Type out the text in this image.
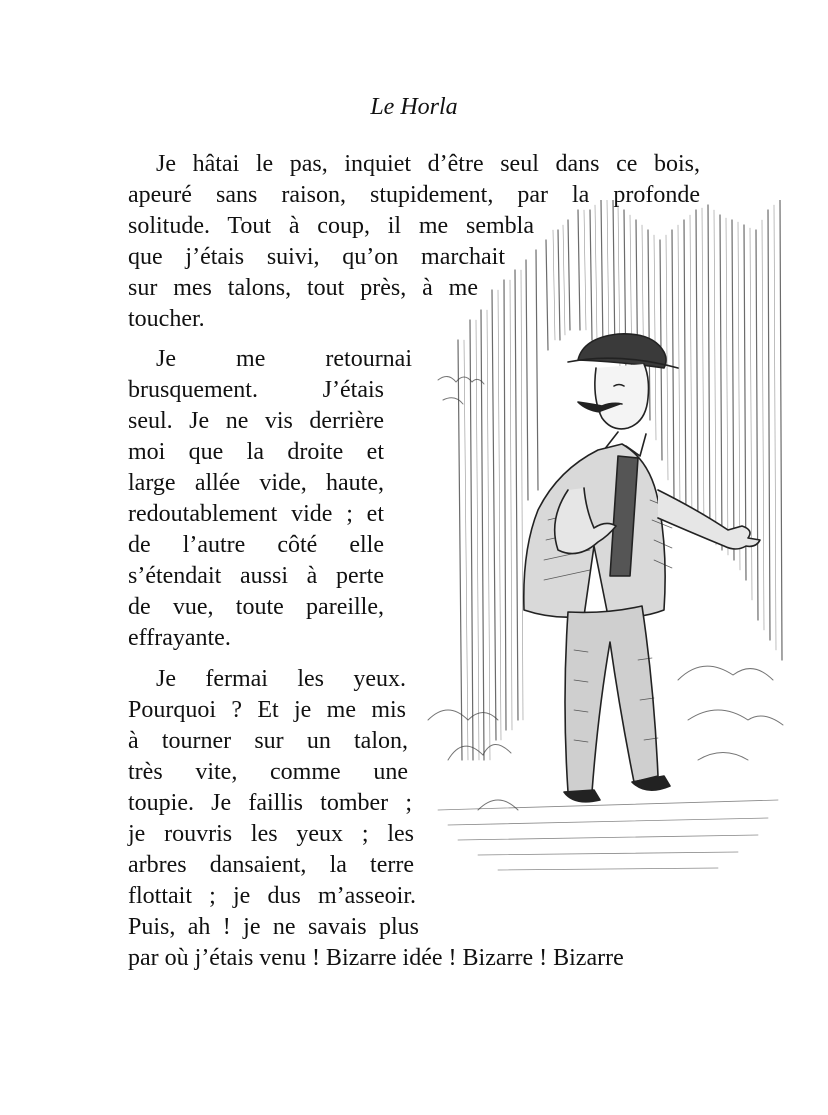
Le Horla
Je hâtai le pas, inquiet d’être seul dans ce bois,
apeuré sans raison, stupidement, par la profonde
solitude. Tout à coup, il me sembla
que j’étais suivi, qu’on marchait
sur mes talons, tout près, à me
toucher.
Je me retournai
brusquement. J’étais
seul. Je ne vis derrière
moi que la droite et
large allée vide, haute,
redoutablement vide ; et
de l’autre côté elle
s’étendait aussi à perte
de vue, toute pareille,
effrayante.
Je fermai les yeux.
Pourquoi ? Et je me mis
à tourner sur un talon,
très vite, comme une
toupie. Je faillis tomber ;
je rouvris les yeux ; les
arbres dansaient, la terre
flottait ; je dus m’asseoir.
Puis, ah ! je ne savais plus
par où j’étais venu ! Bizarre idée ! Bizarre ! Bizarre
